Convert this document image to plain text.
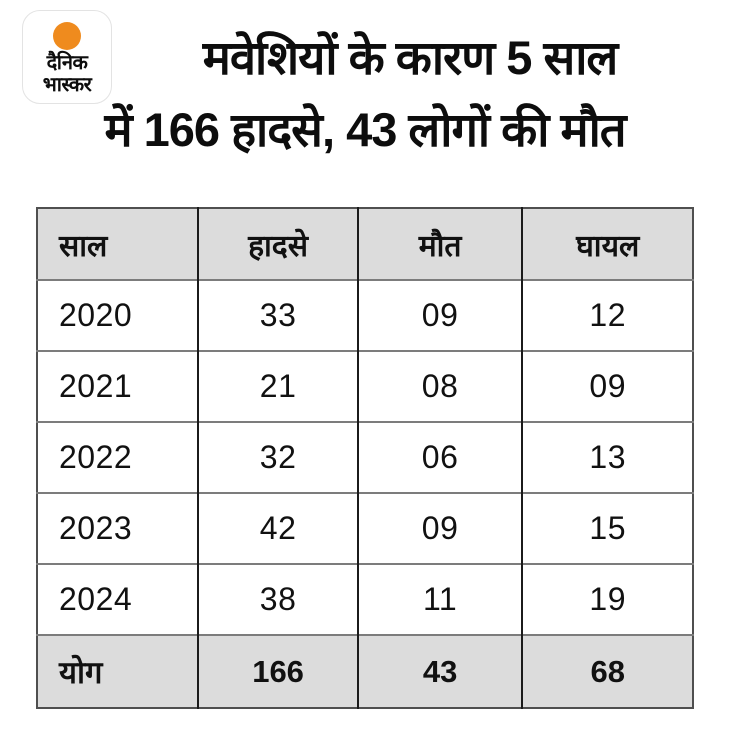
दैनिक
भास्कर
मवेशियों के कारण 5 साल
में 166 हादसे, 43 लोगों की मौत
साल	हादसे	मौत	घायल
2020	33	09	12
2021	21	08	09
2022	32	06	13
2023	42	09	15
2024	38	11	19
योग	166	43	68
